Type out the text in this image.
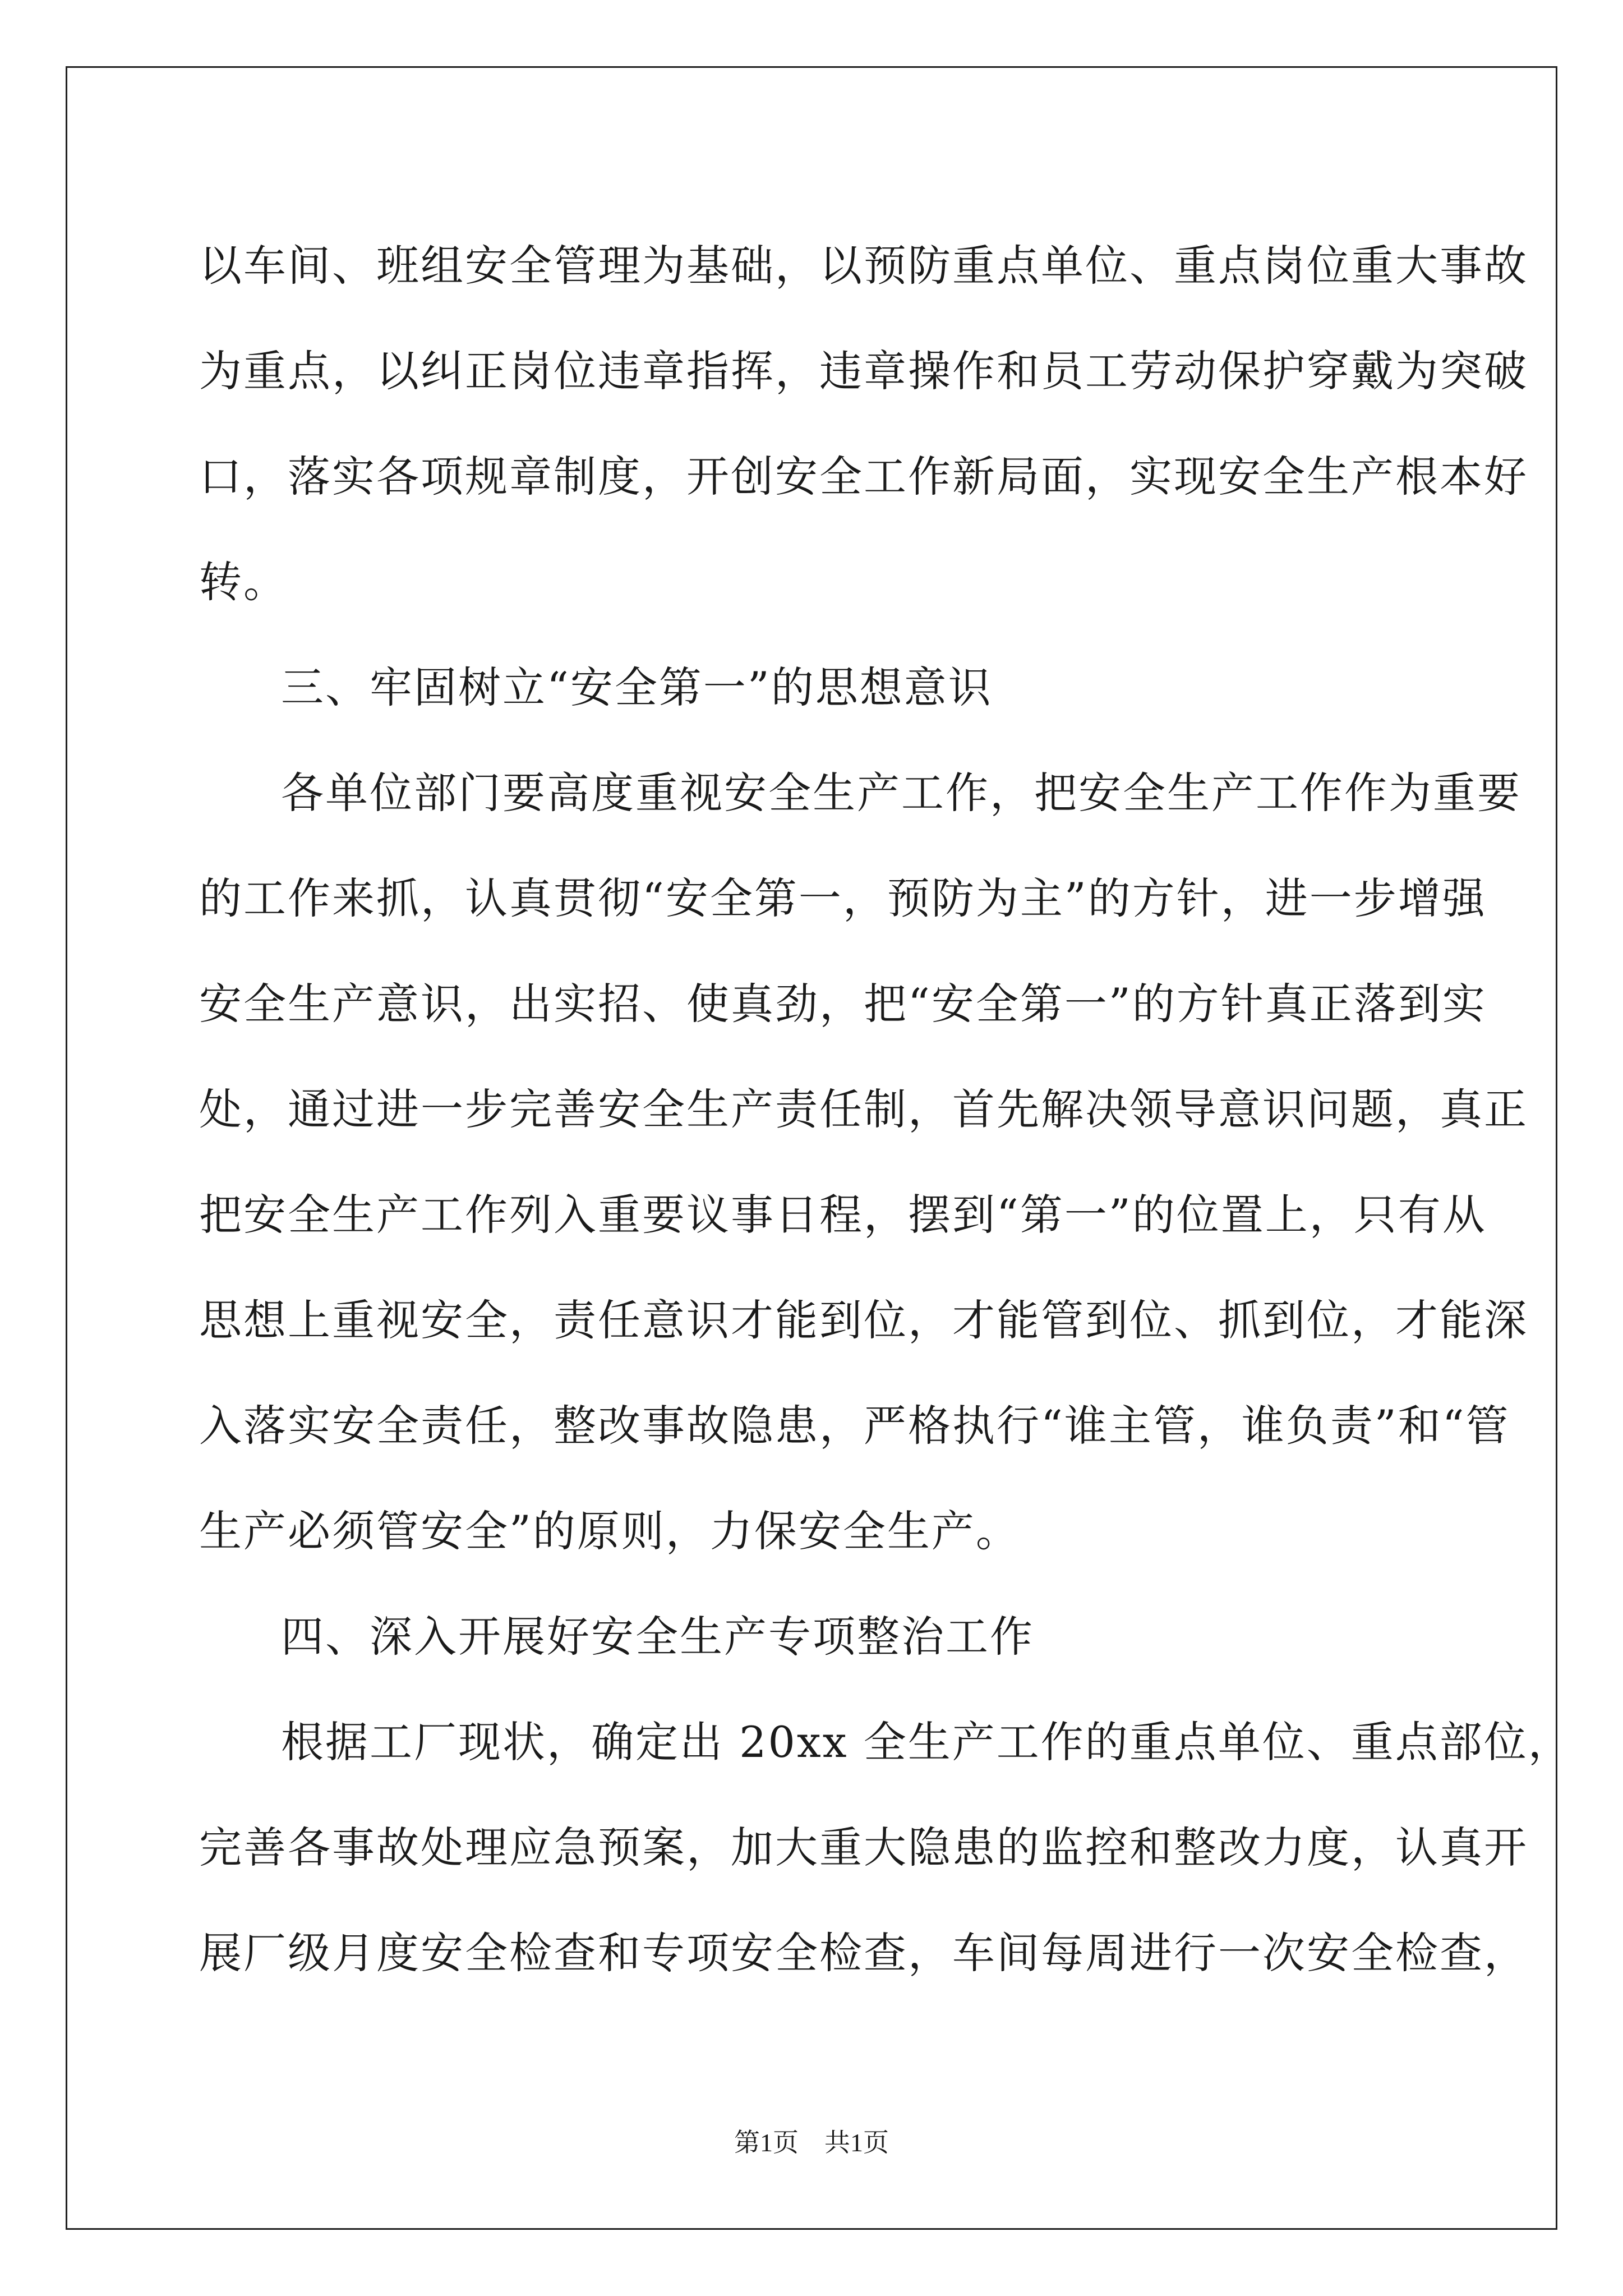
以车间、班组安全管理为基础，以预防重点单位、重点岗位重大事故
为重点，以纠正岗位违章指挥，违章操作和员工劳动保护穿戴为突破
口，落实各项规章制度，开创安全工作新局面，实现安全生产根本好
转。
三、牢固树立“安全第一”的思想意识
各单位部门要高度重视安全生产工作，把安全生产工作作为重要
的工作来抓，认真贯彻“安全第一，预防为主”的方针，进一步增强
安全生产意识，出实招、使真劲，把“安全第一”的方针真正落到实
处，通过进一步完善安全生产责任制，首先解决领导意识问题，真正
把安全生产工作列入重要议事日程，摆到“第一”的位置上，只有从
思想上重视安全，责任意识才能到位，才能管到位、抓到位，才能深
入落实安全责任，整改事故隐患，严格执行“谁主管，谁负责”和“管
生产必须管安全”的原则，力保安全生产。
四、深入开展好安全生产专项整治工作
根据工厂现状，确定出 20xx 全生产工作的重点单位、重点部位，
完善各事故处理应急预案，加大重大隐患的监控和整改力度，认真开
展厂级月度安全检查和专项安全检查，车间每周进行一次安全检查，
第1页 共1页
